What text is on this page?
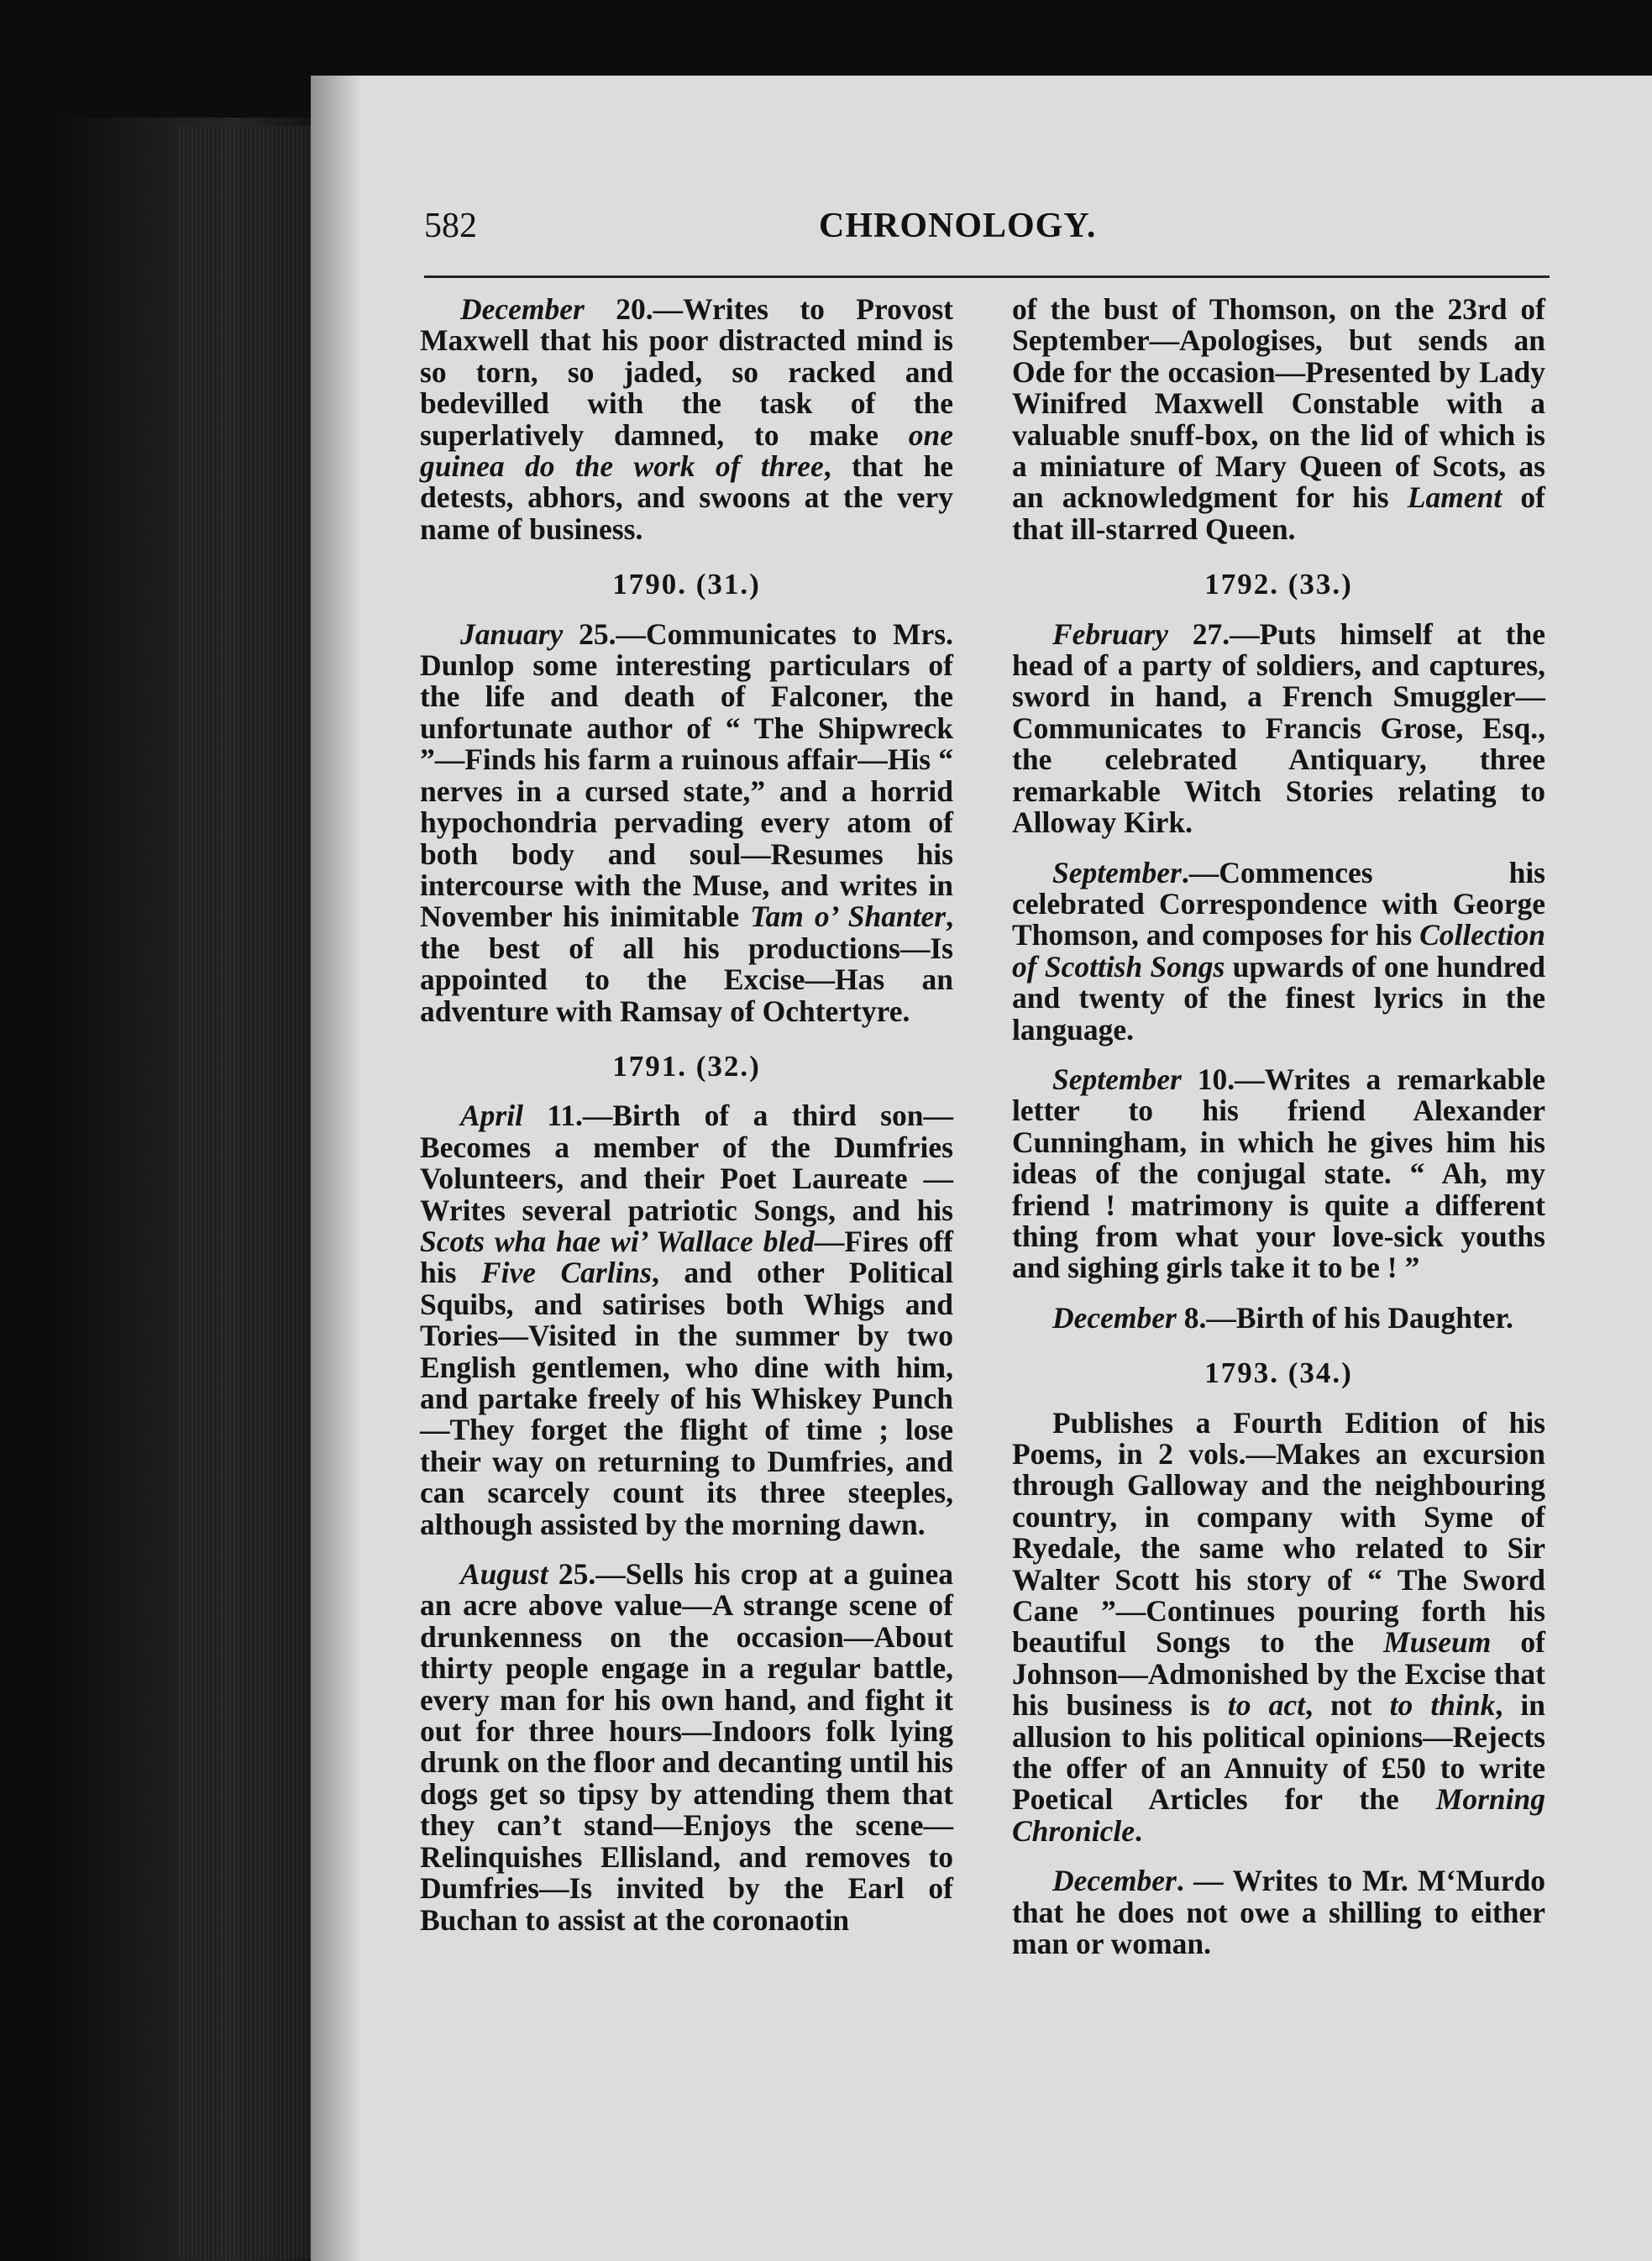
582	CHRONOLOGY.

December 20.—Writes to Provost Maxwell that his poor distracted mind is so torn, so jaded, so racked and bedevilled with the task of the superlatively damned, to make one guinea do the work of three, that he detests, abhors, and swoons at the very name of business.

1790. (31.)

January 25.—Communicates to Mrs. Dunlop some interesting particulars of the life and death of Falconer, the unfortunate author of “ The Shipwreck ”—Finds his farm a ruinous affair—His “ nerves in a cursed state,” and a horrid hypochondria pervading every atom of both body and soul—Resumes his intercourse with the Muse, and writes in November his inimitable Tam o’ Shanter, the best of all his productions—Is appointed to the Excise—Has an adventure with Ramsay of Ochtertyre.

1791. (32.)

April 11.—Birth of a third son—Becomes a member of the Dumfries Volunteers, and their Poet Laureate —Writes several patriotic Songs, and his Scots wha hae wi’ Wallace bled—Fires off his Five Carlins, and other Political Squibs, and satirises both Whigs and Tories—Visited in the summer by two English gentlemen, who dine with him, and partake freely of his Whiskey Punch—They forget the flight of time ; lose their way on returning to Dumfries, and can scarcely count its three steeples, although assisted by the morning dawn.

August 25.—Sells his crop at a guinea an acre above value—A strange scene of drunkenness on the occasion—About thirty people engage in a regular battle, every man for his own hand, and fight it out for three hours—Indoors folk lying drunk on the floor and decanting until his dogs get so tipsy by attending them that they can’t stand—Enjoys the scene—Relinquishes Ellisland, and removes to Dumfries—Is invited by the Earl of Buchan to assist at the coronaotin

of the bust of Thomson, on the 23rd of September—Apologises, but sends an Ode for the occasion—Presented by Lady Winifred Maxwell Constable with a valuable snuff-box, on the lid of which is a miniature of Mary Queen of Scots, as an acknowledgment for his Lament of that ill-starred Queen.

1792. (33.)

February 27.—Puts himself at the head of a party of soldiers, and captures, sword in hand, a French Smuggler—Communicates to Francis Grose, Esq., the celebrated Antiquary, three remarkable Witch Stories relating to Alloway Kirk.

September.—Commences his celebrated Correspondence with George Thomson, and composes for his Collection of Scottish Songs upwards of one hundred and twenty of the finest lyrics in the language.

September 10.—Writes a remarkable letter to his friend Alexander Cunningham, in which he gives him his ideas of the conjugal state. “ Ah, my friend ! matrimony is quite a different thing from what your love-sick youths and sighing girls take it to be ! ”

December 8.—Birth of his Daughter.

1793. (34.)

Publishes a Fourth Edition of his Poems, in 2 vols.—Makes an excursion through Galloway and the neighbouring country, in company with Syme of Ryedale, the same who related to Sir Walter Scott his story of “ The Sword Cane ”—Continues pouring forth his beautiful Songs to the Museum of Johnson—Admonished by the Excise that his business is to act, not to think, in allusion to his political opinions—Rejects the offer of an Annuity of £50 to write Poetical Articles for the Morning Chronicle.

December. — Writes to Mr. M‘Murdo that he does not owe a shilling to either man or woman.
